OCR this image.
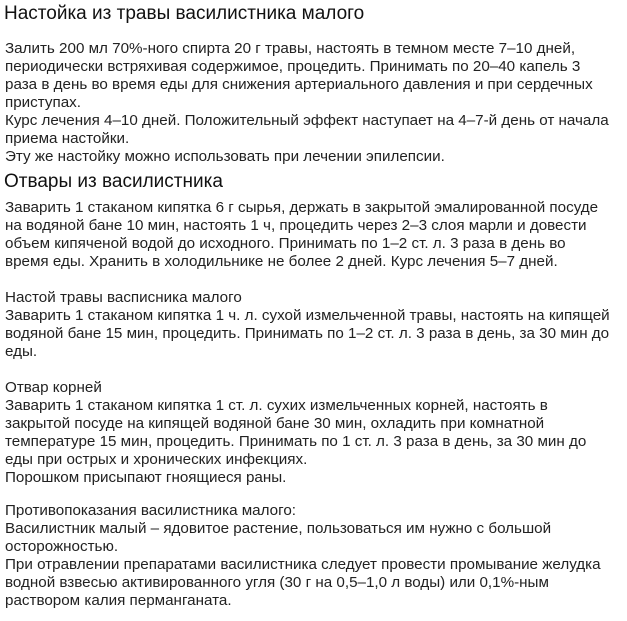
Настойка из травы василистника малого
Залить 200 мл 70%-ного спирта 20 г травы, настоять в темном месте 7–10 дней,
периодически встряхивая содержимое, процедить. Принимать по 20–40 капель 3
раза в день во время еды для снижения артериального давления и при сердечных
приступах.
Курс лечения 4–10 дней. Положительный эффект наступает на 4–7-й день от начала
приема настойки.
Эту же настойку можно использовать при лечении эпилепсии.
Отвары из василистника
Заварить 1 стаканом кипятка 6 г сырья, держать в закрытой эмалированной посуде
на водяной бане 10 мин, настоять 1 ч, процедить через 2–3 слоя марли и довести
объем кипяченой водой до исходного. Принимать по 1–2 ст. л. 3 раза в день во
время еды. Хранить в холодильнике не более 2 дней. Курс лечения 5–7 дней.
Настой травы васписника малого
Заварить 1 стаканом кипятка 1 ч. л. сухой измельченной травы, настоять на кипящей
водяной бане 15 мин, процедить. Принимать по 1–2 ст. л. 3 раза в день, за 30 мин до
еды.
Отвар корней
Заварить 1 стаканом кипятка 1 ст. л. сухих измельченных корней, настоять в
закрытой посуде на кипящей водяной бане 30 мин, охладить при комнатной
температуре 15 мин, процедить. Принимать по 1 ст. л. 3 раза в день, за 30 мин до
еды при острых и хронических инфекциях.
Порошком присыпают гноящиеся раны.
Противопоказания василистника малого:
Василистник малый – ядовитое растение, пользоваться им нужно с большой
осторожностью.
При отравлении препаратами василистника следует провести промывание желудка
водной взвесью активированного угля (30 г на 0,5–1,0 л воды) или 0,1%-ным
раствором калия перманганата.
